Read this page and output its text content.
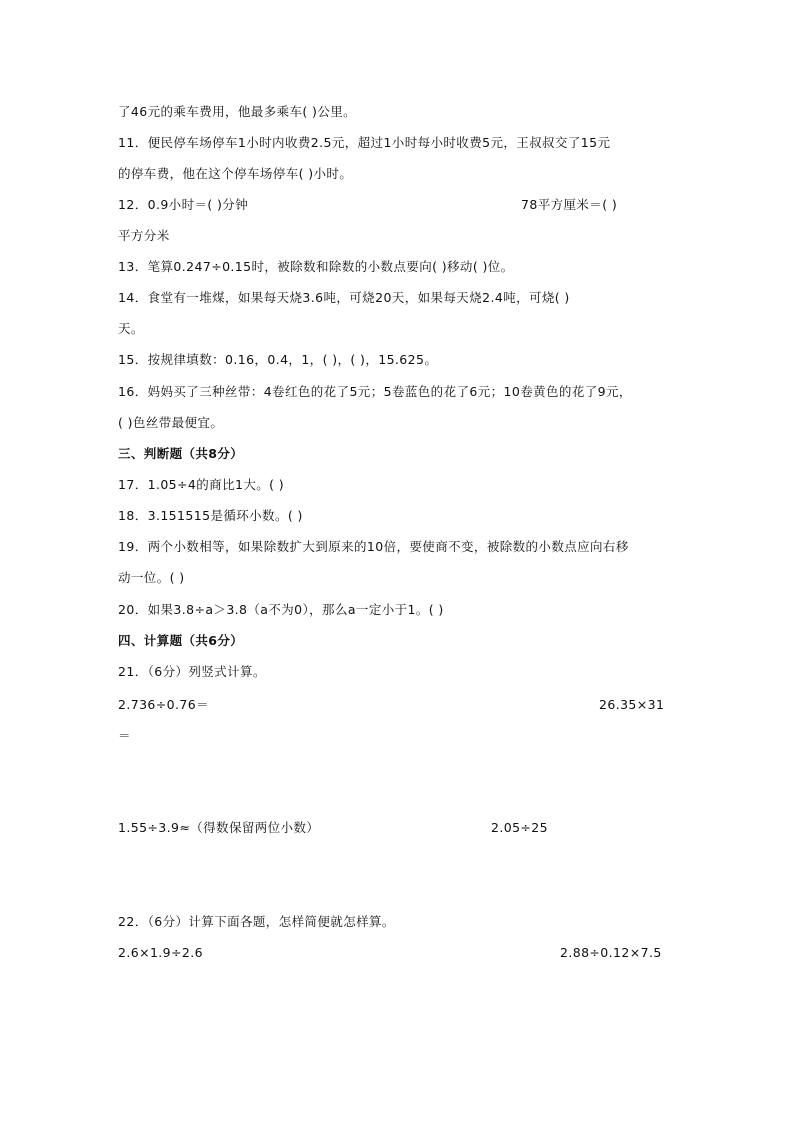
了46元的乘车费用，他最多乘车( )公里。
11．便民停车场停车1小时内收费2.5元，超过1小时每小时收费5元，王叔叔交了15元
的停车费，他在这个停车场停车( )小时。
12．0.9小时＝( )分钟	78平方厘米＝( )
平方分米
13．笔算0.247÷0.15时，被除数和除数的小数点要向( )移动( )位。
14．食堂有一堆煤，如果每天烧3.6吨，可烧20天，如果每天烧2.4吨，可烧( )
天。
15．按规律填数：0.16，0.4，1，( )，( )，15.625。
16．妈妈买了三种丝带：4卷红色的花了5元；5卷蓝色的花了6元；10卷黄色的花了9元，
( )色丝带最便宜。
三、判断题（共8分）
17．1.05÷4的商比1大。( )
18．3.151515是循环小数。( )
19．两个小数相等，如果除数扩大到原来的10倍，要使商不变，被除数的小数点应向右移
动一位。( )
20．如果3.8÷a＞3.8（a不为0），那么a一定小于1。( )
四、计算题（共6分）
21．（6分）列竖式计算。
2.736÷0.76＝	26.35×31
＝
1.55÷3.9≈（得数保留两位小数）	2.05÷25
22．（6分）计算下面各题，怎样简便就怎样算。
2.6×1.9÷2.6	2.88÷0.12×7.5
